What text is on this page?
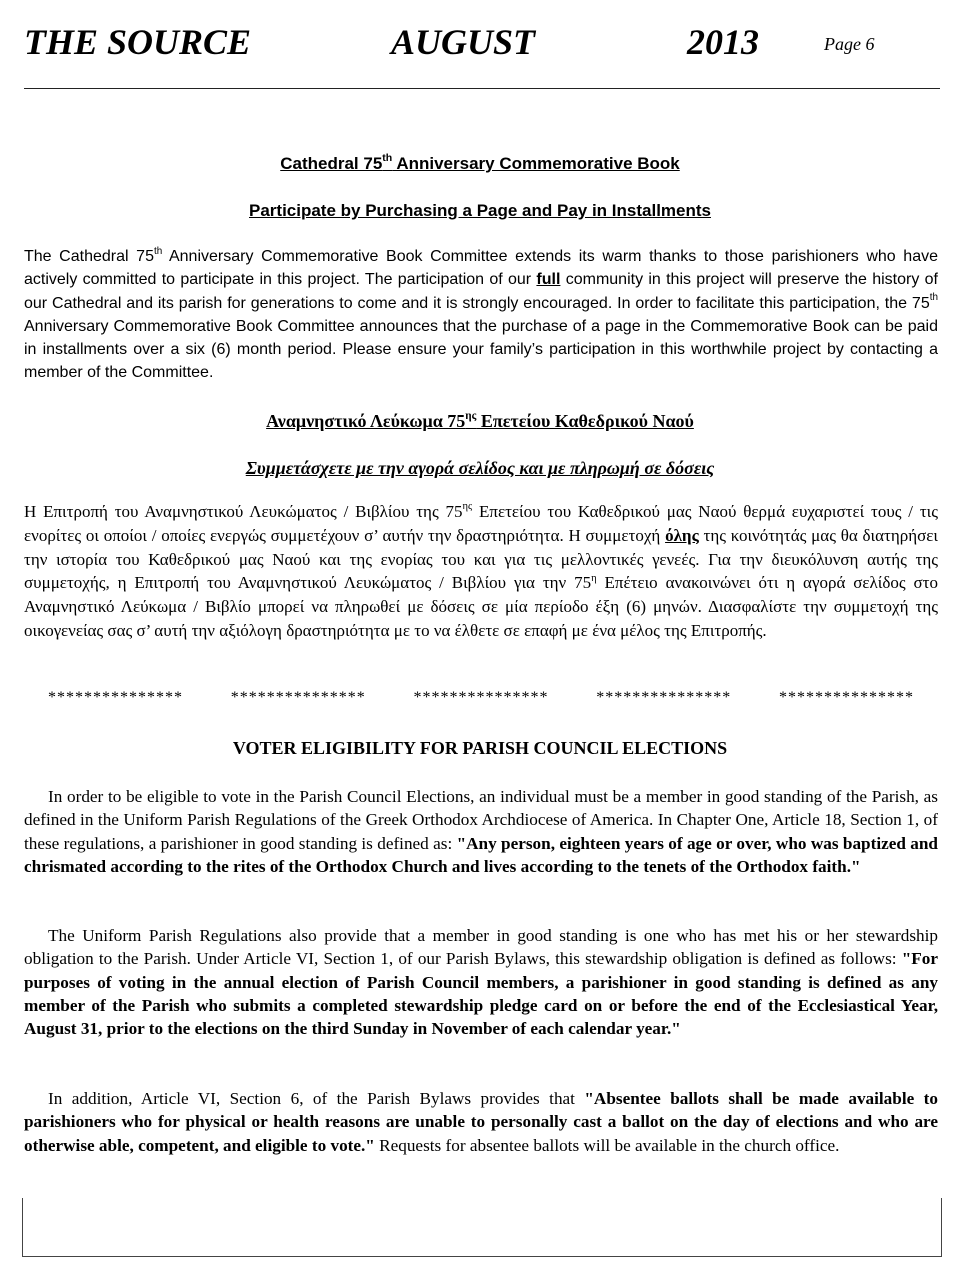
THE SOURCE	AUGUST	2013	Page 6
Cathedral 75th Anniversary Commemorative Book
Participate by Purchasing a Page and Pay in Installments
The Cathedral 75th Anniversary Commemorative Book Committee extends its warm thanks to those parishioners who have actively committed to participate in this project. The participation of our full community in this project will preserve the history of our Cathedral and its parish for generations to come and it is strongly encouraged. In order to facilitate this participation, the 75th Anniversary Commemorative Book Committee announces that the purchase of a page in the Commemorative Book can be paid in installments over a six (6) month period. Please ensure your family’s participation in this worthwhile project by contacting a member of the Committee.
Αναμνηστικό Λεύκωμα $75^{\eta\varsigma}$ Επετείου Καθεδρικού Ναού
Συμμετάσχετε με την αγορά σελίδος και με πληρωμή σε δόσεις
Η Επιτροπή του Αναμνηστικού Λευκώματος / Βιβλίου της $75^{\eta\varsigma}$ Επετείου του Καθεδρικού μας Ναού θερμά ευχαριστεί τους / τις ενορίτες οι οποίοι / οποίες ενεργώς συμμετέχουν σ’ αυτήν την δραστηριότητα. Η συμμετοχή όλης της κοινότητάς μας θα διατηρήσει την ιστορία του Καθεδρικού μας Ναού και της ενορίας του και για τις μελλοντικές γενεές. Για την διευκόλυνση αυτής της συμμετοχής, η Επιτροπή του Αναμνηστικού Λευκώματος / Βιβλίου για την $75^\eta$ Επέτειο ανακοινώνει ότι η αγορά σελίδος στο Αναμνηστικό Λεύκωμα / Βιβλίο μπορεί να πληρωθεί με δόσεις σε μία περίοδο έξη (6) μηνών. Διασφαλίστε την συμμετοχή της οικογενείας σας σ’ αυτή την αξιόλογη δραστηριότητα με το να έλθετε σε επαφή με ένα μέλος της Επιτροπής.
***************	***************	***************	***************	***************
VOTER ELIGIBILITY FOR PARISH COUNCIL ELECTIONS
In order to be eligible to vote in the Parish Council Elections, an individual must be a member in good standing of the Parish, as defined in the Uniform Parish Regulations of the Greek Orthodox Archdiocese of America. In Chapter One, Article 18, Section 1, of these regulations, a parishioner in good standing is defined as: "Any person, eighteen years of age or over, who was baptized and chrismated according to the rites of the Orthodox Church and lives according to the tenets of the Orthodox faith."
The Uniform Parish Regulations also provide that a member in good standing is one who has met his or her stewardship obligation to the Parish. Under Article VI, Section 1, of our Parish Bylaws, this stewardship obligation is defined as follows: "For purposes of voting in the annual election of Parish Council members, a parishioner in good standing is defined as any member of the Parish who submits a completed stewardship pledge card on or before the end of the Ecclesiastical Year, August 31, prior to the elections on the third Sunday in November of each calendar year."
In addition, Article VI, Section 6, of the Parish Bylaws provides that "Absentee ballots shall be made available to parishioners who for physical or health reasons are unable to personally cast a ballot on the day of elections and who are otherwise able, competent, and eligible to vote." Requests for absentee ballots will be available in the church office.
